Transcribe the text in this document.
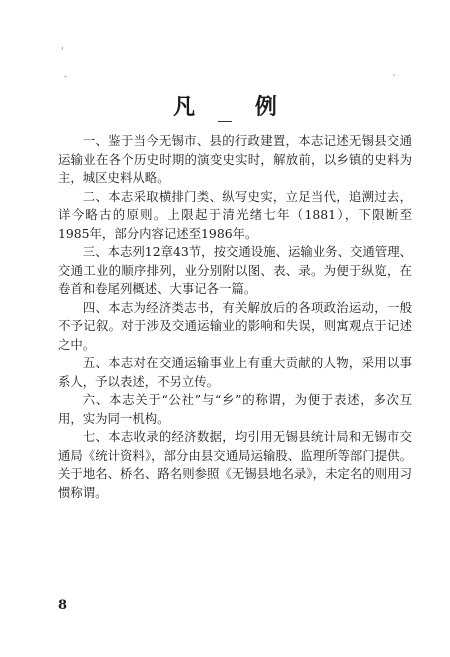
'
-	`
凡 例

一、鉴于当今无锡市、县的行政建置，本志记述无锡县交通运输业在各个历史时期的演变史实时，解放前，以乡镇的史料为主，城区史料从略。

二、本志采取横排门类、纵写史实，立足当代，追溯过去，详今略古的原则。上限起于清光绪七年（1881），下限断至1985年，部分内容记述至1986年。

三、本志列12章43节，按交通设施、运输业务、交通管理、交通工业的顺序排列，业分别附以图、表、录。为便于纵览，在卷首和卷尾列概述、大事记各一篇。

四、本志为经济类志书，有关解放后的各项政治运动，一般不予记叙。对于涉及交通运输业的影响和失误，则寓观点于记述之中。

五、本志对在交通运输事业上有重大贡献的人物，采用以事系人，予以表述，不另立传。

六、本志关于“公社”与“乡”的称谓，为便于表述，多次互用，实为同一机构。

七、本志收录的经济数据，均引用无锡县统计局和无锡市交通局《统计资料》，部分由县交通局运输股、监理所等部门提供。关于地名、桥名、路名则参照《无锡县地名录》，未定名的则用习惯称谓。

8
